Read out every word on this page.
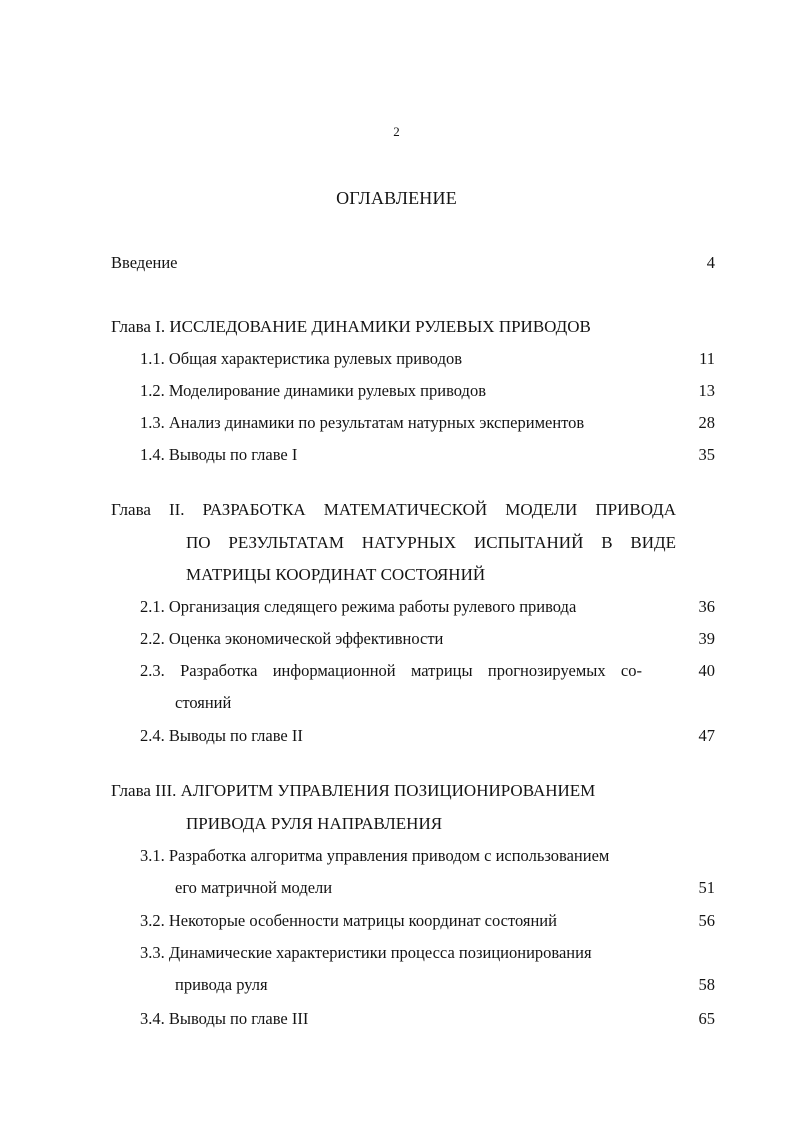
2
ОГЛАВЛЕНИЕ
Введение	4
Глава I. ИССЛЕДОВАНИЕ ДИНАМИКИ РУЛЕВЫХ ПРИВОДОВ
1.1. Общая характеристика рулевых приводов	11
1.2. Моделирование динамики рулевых приводов	13
1.3. Анализ динамики по результатам натурных экспериментов	28
1.4. Выводы по главе I	35
Глава II. РАЗРАБОТКА МАТЕМАТИЧЕСКОЙ МОДЕЛИ ПРИВОДА
ПО РЕЗУЛЬТАТАМ НАТУРНЫХ ИСПЫТАНИЙ В ВИДЕ
МАТРИЦЫ КООРДИНАТ СОСТОЯНИЙ
2.1. Организация следящего режима работы рулевого привода	36
2.2. Оценка экономической эффективности	39
2.3. Разработка информационной матрицы прогнозируемых со-	40
стояний
2.4. Выводы по главе II	47
Глава III. АЛГОРИТМ УПРАВЛЕНИЯ ПОЗИЦИОНИРОВАНИЕМ
ПРИВОДА РУЛЯ НАПРАВЛЕНИЯ
3.1. Разработка алгоритма управления приводом с использованием
его матричной модели	51
3.2. Некоторые особенности матрицы координат состояний	56
3.3. Динамические характеристики процесса позиционирования
привода руля	58
3.4. Выводы по главе III	65
